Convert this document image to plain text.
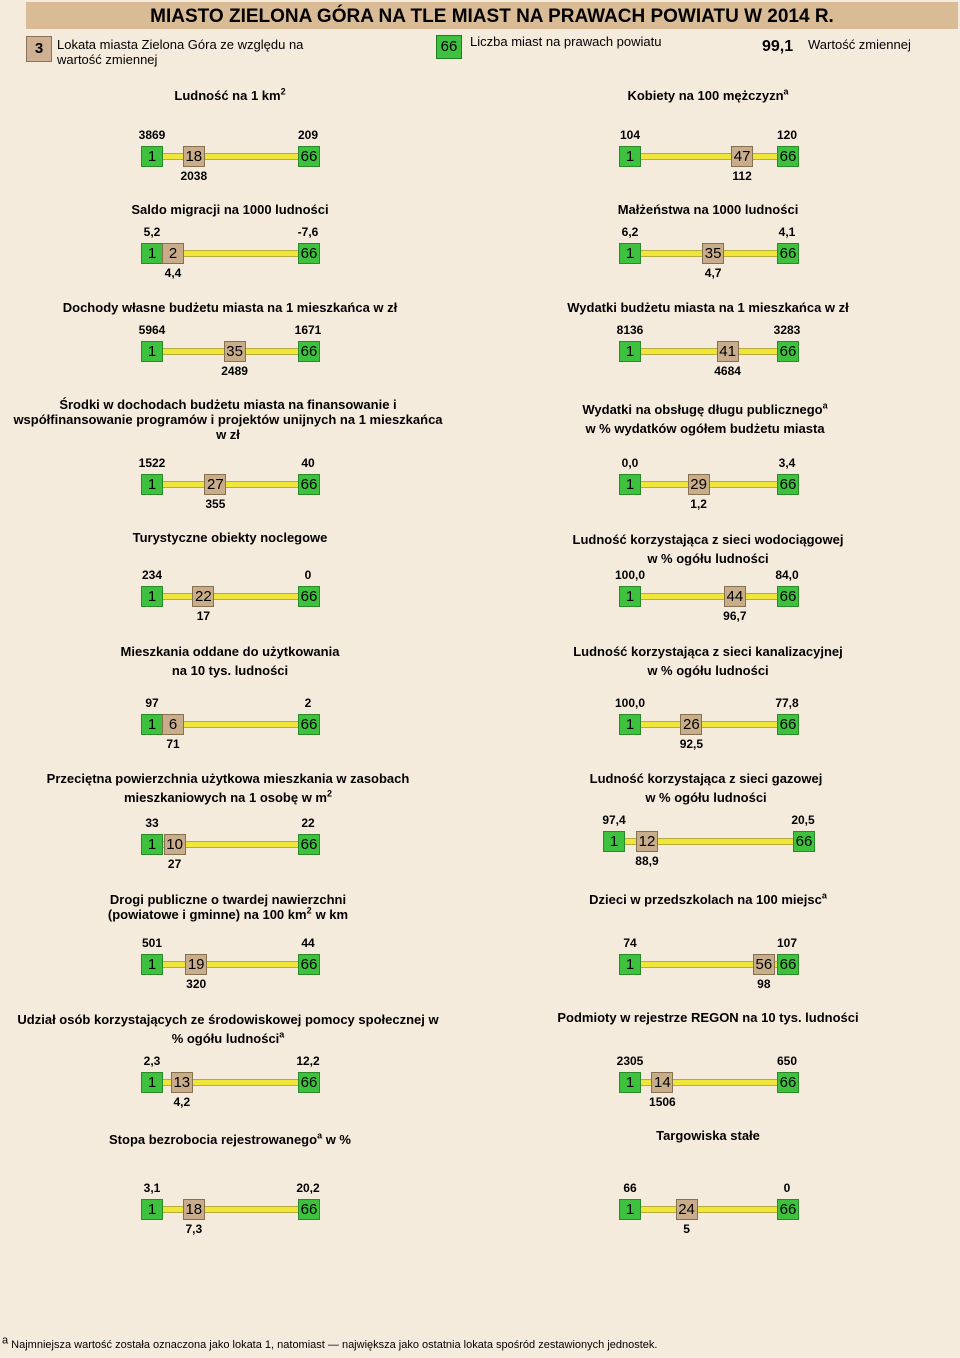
MIASTO ZIELONA GÓRA NA TLE MIAST NA PRAWACH POWIATU W 2014 R.
3	Lokata miasta Zielona Góra ze względu na
wartość zmiennej
66 Liczba miast na prawach powiatu	99,1 Wartość zmiennej
Ludność na 1 $km^2$
1	66
18
3869	209
2038
Kobiety na 100 mężczyzn$^a$
1	66
47
104	120
112
Saldo migracji na 1000 ludności
1	66
2
5,2	-7,6
4,4
Małżeństwa na 1000 ludności
1	66
35
6,2	4,1
4,7
Dochody własne budżetu miasta na 1 mieszkańca w zł
1	66
35
5964	1671
2489
Wydatki budżetu miasta na 1 mieszkańca w zł
1	66
41
8136	3283
4684
Środki w dochodach budżetu miasta na finansowanie i
współfinansowanie programów i projektów unijnych na 1 mieszkańca
w zł
1	66
27
1522	40
355
Wydatki na obsługę długu publicznego$^a$
w % wydatków ogółem budżetu miasta
1	66
29
0,0	3,4
1,2
Turystyczne obiekty noclegowe
1	66
22
234	0
17
Ludność korzystająca z sieci wodociągowej
w % ogółu ludności
1	66
44
100,0	84,0
96,7
Mieszkania oddane do użytkowania
na 10 tys. ludności
1	66
6
97	2
71
Ludność korzystająca z sieci kanalizacyjnej
w % ogółu ludności
1	66
26
100,0	77,8
92,5
Przeciętna powierzchnia użytkowa mieszkania w zasobach
mieszkaniowych na 1 osobę w $m^2$
1	66
10
33	22
27
Ludność korzystająca z sieci gazowej
w % ogółu ludności
1	66
12
97,4	20,5
88,9
Drogi publiczne o twardej nawierzchni
(powiatowe i gminne) na 100 $km^2$ w km
1	66
19
501	44
320
Dzieci w przedszkolach na 100 miejsc$^a$
1	66
56
74	107
98
Udział osób korzystających ze środowiskowej pomocy społecznej w
% ogółu ludności$^a$
1	66
13
2,3	12,2
4,2
Podmioty w rejestrze REGON na 10 tys. ludności
1	66
14
2305	650
1506
Stopa bezrobocia rejestrowanego$^a$ w %
1	66
18
3,1	20,2
7,3
Targowiska stałe
1	66
24
66	0
5
$^a$ Najmniejsza wartość została oznaczona jako lokata 1, natomiast — największa jako ostatnia lokata spośród zestawionych jednostek.
